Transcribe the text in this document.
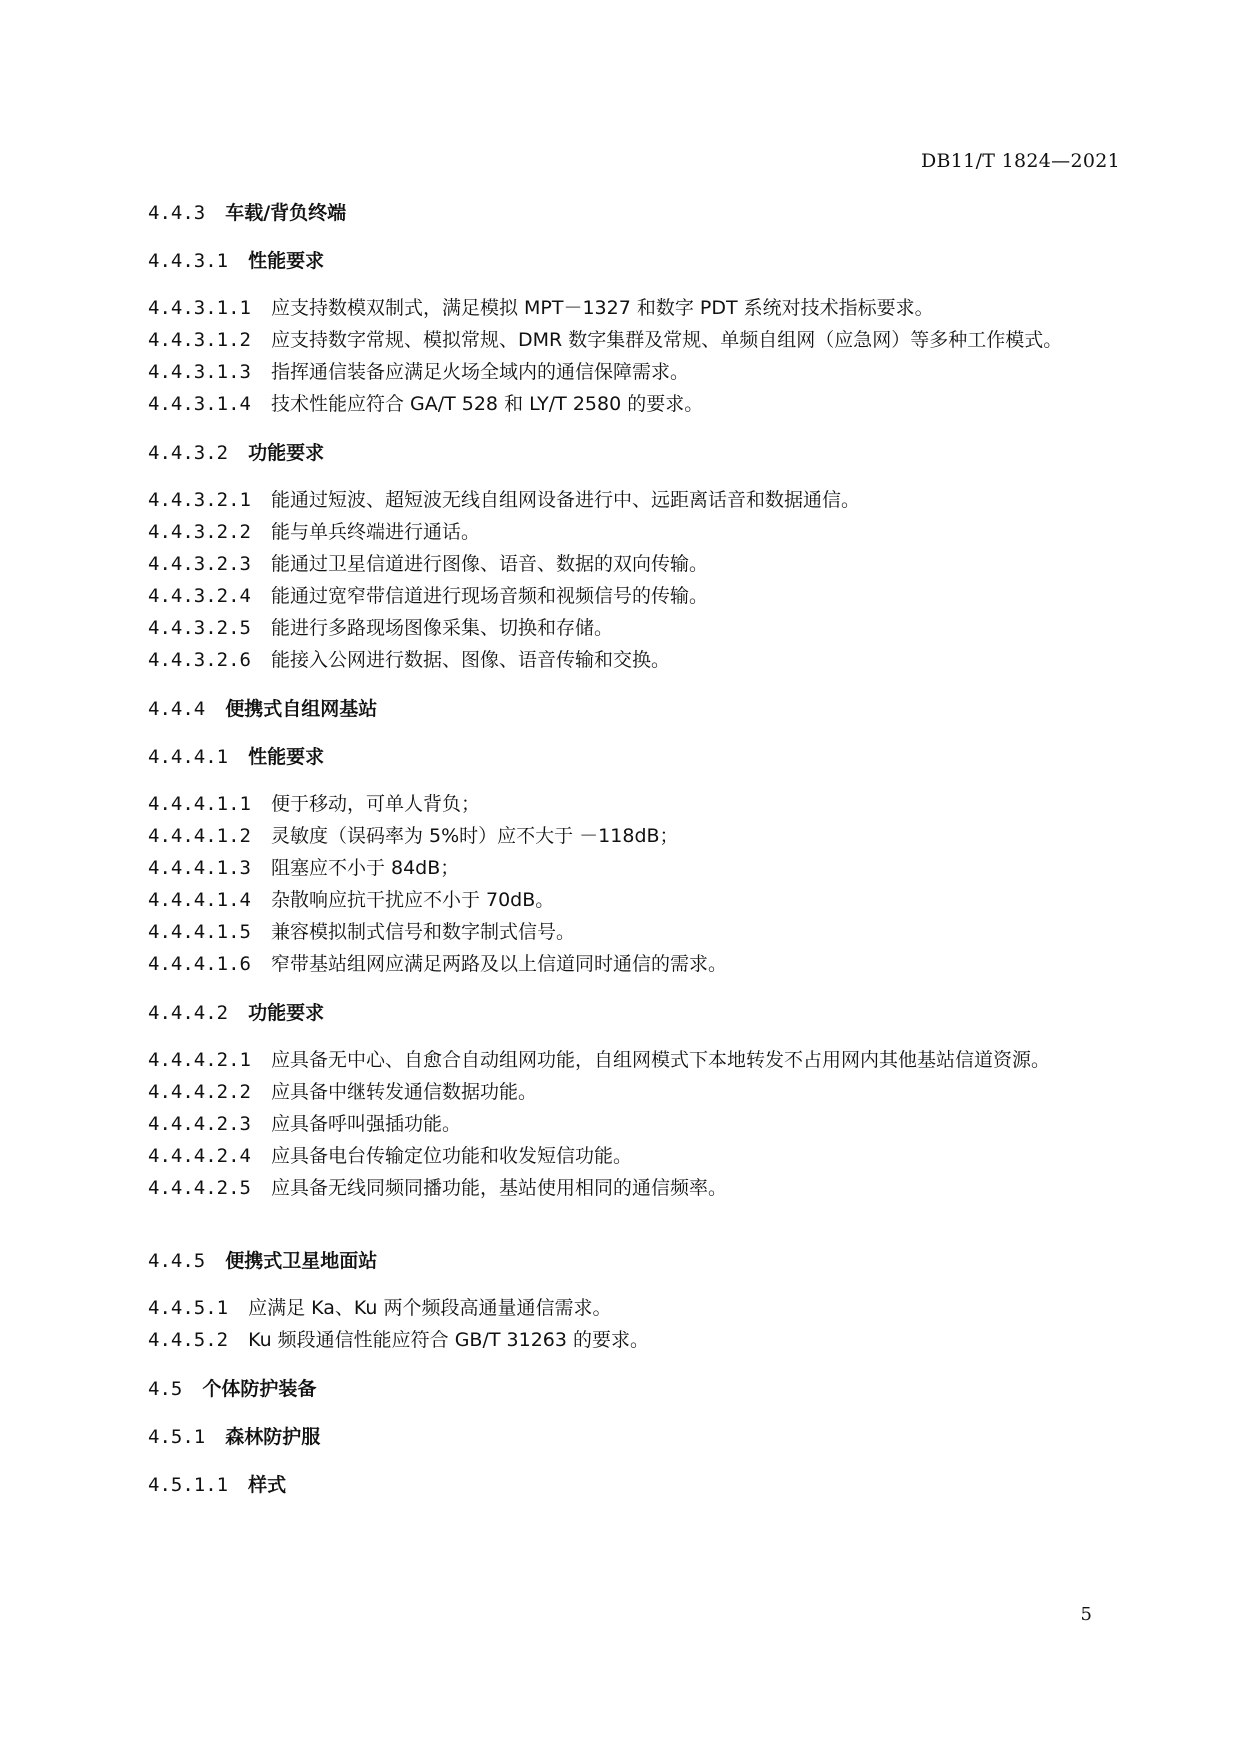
DB11/T 1824—2021
4.4.3 车载/背负终端
4.4.3.1 性能要求
4.4.3.1.1 应支持数模双制式，满足模拟 MPT－1327 和数字 PDT 系统对技术指标要求。
4.4.3.1.2 应支持数字常规、模拟常规、DMR 数字集群及常规、单频自组网（应急网）等多种工作模式。
4.4.3.1.3 指挥通信装备应满足火场全域内的通信保障需求。
4.4.3.1.4 技术性能应符合 GA/T 528 和 LY/T 2580 的要求。
4.4.3.2 功能要求
4.4.3.2.1 能通过短波、超短波无线自组网设备进行中、远距离话音和数据通信。
4.4.3.2.2 能与单兵终端进行通话。
4.4.3.2.3 能通过卫星信道进行图像、语音、数据的双向传输。
4.4.3.2.4 能通过宽窄带信道进行现场音频和视频信号的传输。
4.4.3.2.5 能进行多路现场图像采集、切换和存储。
4.4.3.2.6 能接入公网进行数据、图像、语音传输和交换。
4.4.4 便携式自组网基站
4.4.4.1 性能要求
4.4.4.1.1 便于移动，可单人背负；
4.4.4.1.2 灵敏度（误码率为 5%时）应不大于 －118dB；
4.4.4.1.3 阻塞应不小于 84dB；
4.4.4.1.4 杂散响应抗干扰应不小于 70dB。
4.4.4.1.5 兼容模拟制式信号和数字制式信号。
4.4.4.1.6 窄带基站组网应满足两路及以上信道同时通信的需求。
4.4.4.2 功能要求
4.4.4.2.1 应具备无中心、自愈合自动组网功能，自组网模式下本地转发不占用网内其他基站信道资源。
4.4.4.2.2 应具备中继转发通信数据功能。
4.4.4.2.3 应具备呼叫强插功能。
4.4.4.2.4 应具备电台传输定位功能和收发短信功能。
4.4.4.2.5 应具备无线同频同播功能，基站使用相同的通信频率。
4.4.5 便携式卫星地面站
4.4.5.1 应满足 Ka、Ku 两个频段高通量通信需求。
4.4.5.2 Ku 频段通信性能应符合 GB/T 31263 的要求。
4.5 个体防护装备
4.5.1 森林防护服
4.5.1.1 样式
5
